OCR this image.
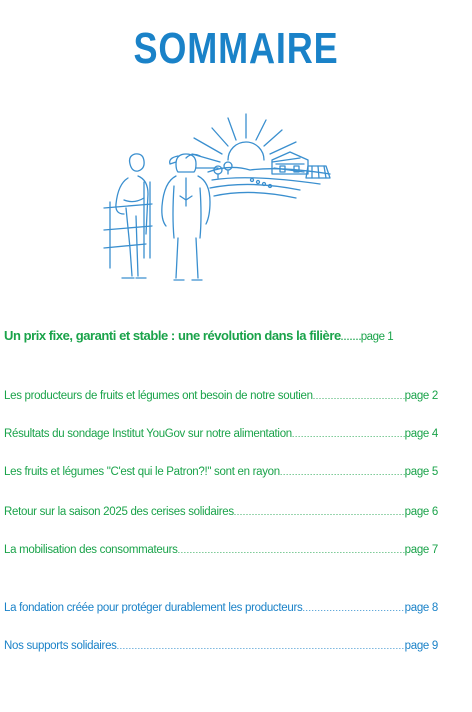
SOMMAIRE
Un prix fixe, garanti et stable : une révolution dans la filière ..... page 1
Les producteurs de fruits et légumes ont besoin de notre soutien .....	page 2
Résultats du sondage Institut YouGov sur notre alimentation .....	page 4
Les fruits et légumes "C'est qui le Patron?!" sont en rayon .....	page 5
Retour sur la saison 2025 des cerises solidaires .....	page 6
La mobilisation des consommateurs .....	page 7
La fondation créée pour protéger durablement les producteurs .....	page 8
Nos supports solidaires .....	page 9
